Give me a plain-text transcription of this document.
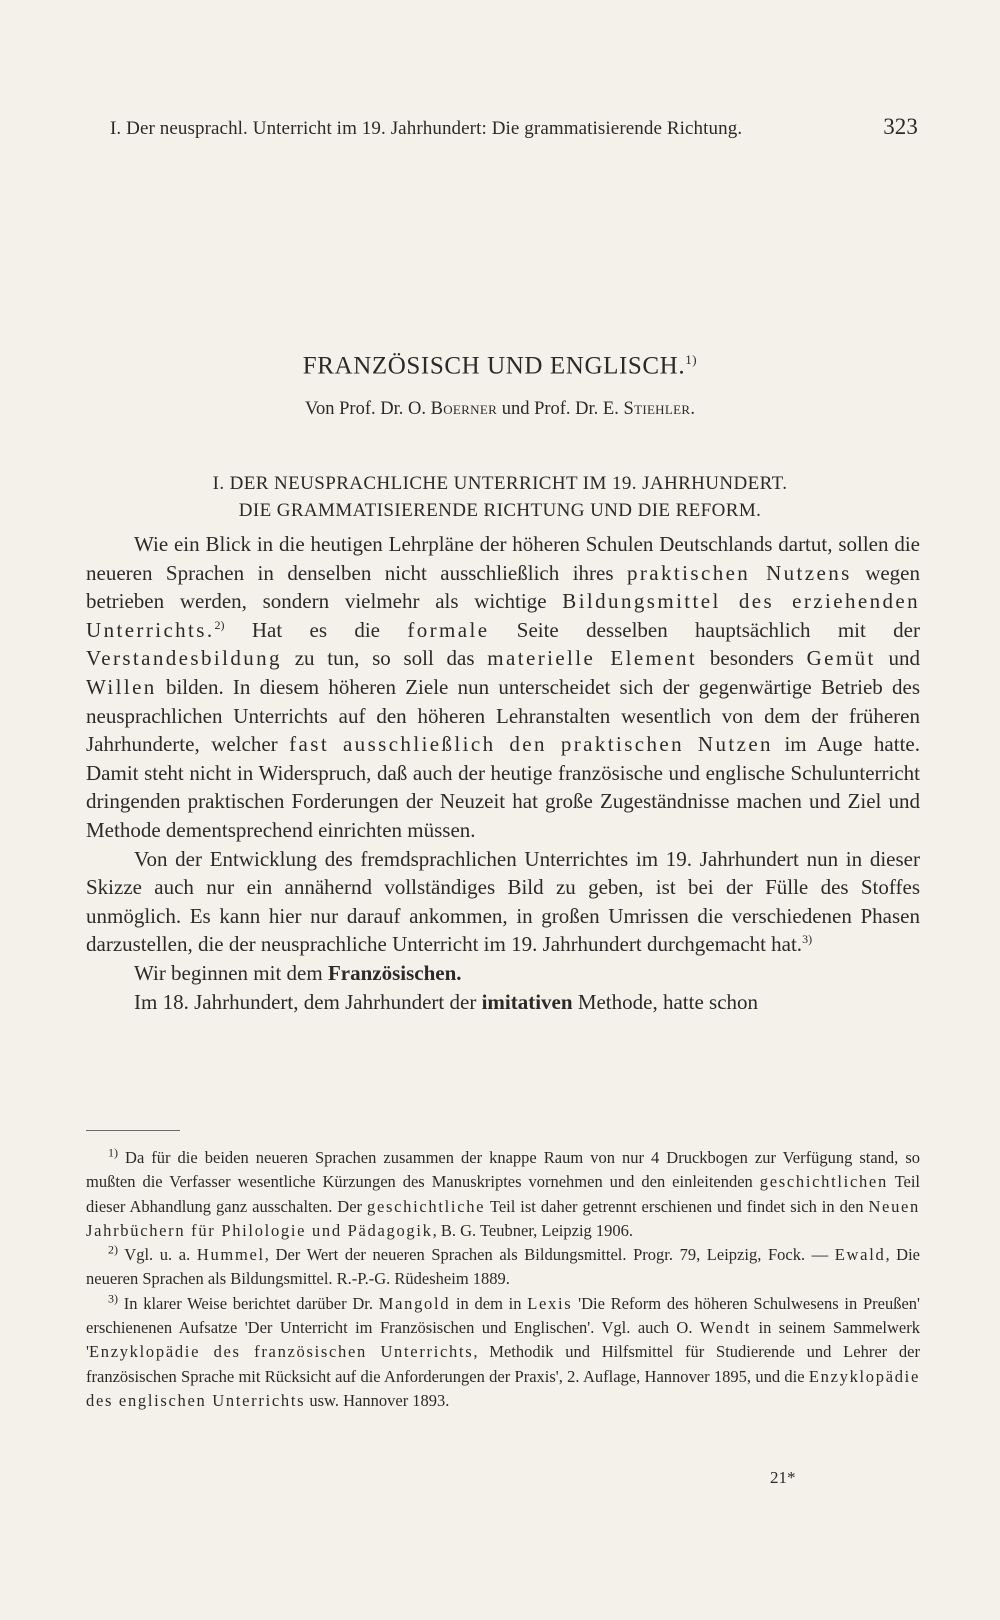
I. Der neusprachl. Unterricht im 19. Jahrhundert: Die grammatisierende Richtung.	323
FRANZÖSISCH UND ENGLISCH.$^{1)}$
Von Prof. Dr. O. Boerner und Prof. Dr. E. Stiehler.
I. DER NEUSPRACHLICHE UNTERRICHT IM 19. JAHRHUNDERT.
DIE GRAMMATISIERENDE RICHTUNG UND DIE REFORM.

Wie ein Blick in die heutigen Lehrpläne der höheren Schulen Deutschlands dartut, sollen die neueren Sprachen in denselben nicht ausschließlich ihres praktischen Nutzens wegen betrieben werden, sondern vielmehr als wichtige Bildungsmittel des erziehenden Unterrichts.$^{2)}$ Hat es die formale Seite desselben hauptsächlich mit der Verstandesbildung zu tun, so soll das materielle Element besonders Gemüt und Willen bilden. In diesem höheren Ziele nun unterscheidet sich der gegenwärtige Betrieb des neusprachlichen Unterrichts auf den höheren Lehranstalten wesentlich von dem der früheren Jahrhunderte, welcher fast ausschließlich den praktischen Nutzen im Auge hatte. Damit steht nicht in Widerspruch, daß auch der heutige französische und englische Schulunterricht dringenden praktischen Forderungen der Neuzeit hat große Zugeständnisse machen und Ziel und Methode dementsprechend einrichten müssen.

Von der Entwicklung des fremdsprachlichen Unterrichtes im 19. Jahrhundert nun in dieser Skizze auch nur ein annähernd vollständiges Bild zu geben, ist bei der Fülle des Stoffes unmöglich. Es kann hier nur darauf ankommen, in großen Umrissen die verschiedenen Phasen darzustellen, die der neusprachliche Unterricht im 19. Jahrhundert durchgemacht hat.$^{3)}$

Wir beginnen mit dem Französischen.

Im 18. Jahrhundert, dem Jahrhundert der imitativen Methode, hatte schon

$^{1)}$ Da für die beiden neueren Sprachen zusammen der knappe Raum von nur 4 Druckbogen zur Verfügung stand, so mußten die Verfasser wesentliche Kürzungen des Manuskriptes vornehmen und den einleitenden geschichtlichen Teil dieser Abhandlung ganz ausschalten. Der geschichtliche Teil ist daher getrennt erschienen und findet sich in den Neuen Jahrbüchern für Philologie und Pädagogik, B. G. Teubner, Leipzig 1906.

$^{2)}$ Vgl. u. a. Hummel, Der Wert der neueren Sprachen als Bildungsmittel. Progr. 79, Leipzig, Fock. — Ewald, Die neueren Sprachen als Bildungsmittel. R.-P.-G. Rüdesheim 1889.

$^{3)}$ In klarer Weise berichtet darüber Dr. Mangold in dem in Lexis 'Die Reform des höheren Schulwesens in Preußen' erschienenen Aufsatze 'Der Unterricht im Französischen und Englischen'. Vgl. auch O. Wendt in seinem Sammelwerk 'Enzyklopädie des französischen Unterrichts, Methodik und Hilfsmittel für Studierende und Lehrer der französischen Sprache mit Rücksicht auf die Anforderungen der Praxis', 2. Auflage, Hannover 1895, und die Enzyklopädie des englischen Unterrichts usw. Hannover 1893.

21*
